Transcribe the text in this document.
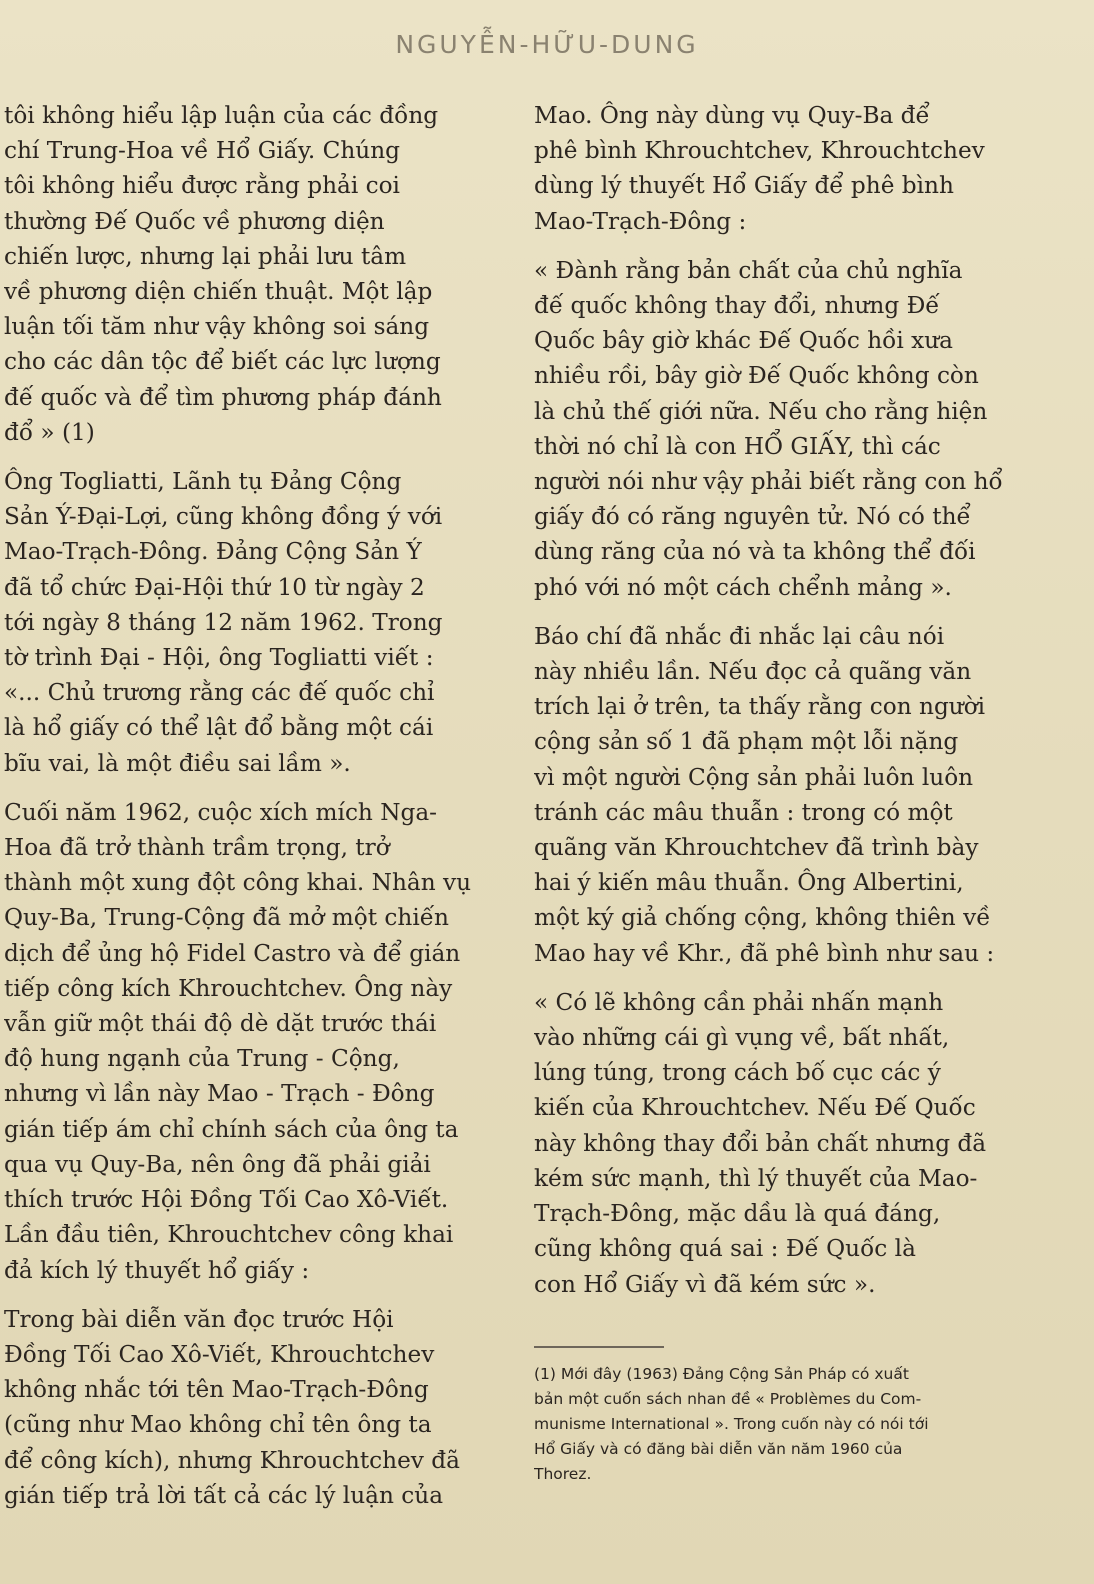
NGUYỄN-HỮU-DUNG
tôi không hiểu lập luận của các đồng
chí Trung-Hoa về Hổ Giấy. Chúng
tôi không hiểu được rằng phải coi
thường Đế Quốc về phương diện
chiến lược, nhưng lại phải lưu tâm
về phương diện chiến thuật. Một lập
luận tối tăm như vậy không soi sáng
cho các dân tộc để biết các lực lượng
đế quốc và để tìm phương pháp đánh
đổ » (1)
Ông Togliatti, Lãnh tụ Đảng Cộng
Sản Ý-Đại-Lợi, cũng không đồng ý với
Mao-Trạch-Đông. Đảng Cộng Sản Ý
đã tổ chức Đại-Hội thứ 10 từ ngày 2
tới ngày 8 tháng 12 năm 1962. Trong
tờ trình Đại - Hội, ông Togliatti viết :
«... Chủ trương rằng các đế quốc chỉ
là hổ giấy có thể lật đổ bằng một cái
bĩu vai, là một điều sai lầm ».
Cuối năm 1962, cuộc xích mích Nga-
Hoa đã trở thành trầm trọng, trở
thành một xung đột công khai. Nhân vụ
Quy-Ba, Trung-Cộng đã mở một chiến
dịch để ủng hộ Fidel Castro và để gián
tiếp công kích Khrouchtchev. Ông này
vẫn giữ một thái độ dè dặt trước thái
độ hung ngạnh của Trung - Cộng,
nhưng vì lần này Mao - Trạch - Đông
gián tiếp ám chỉ chính sách của ông ta
qua vụ Quy-Ba, nên ông đã phải giải
thích trước Hội Đồng Tối Cao Xô-Viết.
Lần đầu tiên, Khrouchtchev công khai
đả kích lý thuyết hổ giấy :
Trong bài diễn văn đọc trước Hội
Đồng Tối Cao Xô-Viết, Khrouchtchev
không nhắc tới tên Mao-Trạch-Đông
(cũng như Mao không chỉ tên ông ta
để công kích), nhưng Khrouchtchev đã
gián tiếp trả lời tất cả các lý luận của
Mao. Ông này dùng vụ Quy-Ba để
phê bình Khrouchtchev, Khrouchtchev
dùng lý thuyết Hổ Giấy để phê bình
Mao-Trạch-Đông :
« Đành rằng bản chất của chủ nghĩa
đế quốc không thay đổi, nhưng Đế
Quốc bây giờ khác Đế Quốc hồi xưa
nhiều rồi, bây giờ Đế Quốc không còn
là chủ thế giới nữa. Nếu cho rằng hiện
thời nó chỉ là con HỔ GIẤY, thì các
người nói như vậy phải biết rằng con hổ
giấy đó có răng nguyên tử. Nó có thể
dùng răng của nó và ta không thể đối
phó với nó một cách chểnh mảng ».
Báo chí đã nhắc đi nhắc lại câu nói
này nhiều lần. Nếu đọc cả quãng văn
trích lại ở trên, ta thấy rằng con người
cộng sản số 1 đã phạm một lỗi nặng
vì một người Cộng sản phải luôn luôn
tránh các mâu thuẫn : trong có một
quãng văn Khrouchtchev đã trình bày
hai ý kiến mâu thuẫn. Ông Albertini,
một ký giả chống cộng, không thiên về
Mao hay về Khr., đã phê bình như sau :
« Có lẽ không cần phải nhấn mạnh
vào những cái gì vụng về, bất nhất,
lúng túng, trong cách bố cục các ý
kiến của Khrouchtchev. Nếu Đế Quốc
này không thay đổi bản chất nhưng đã
kém sức mạnh, thì lý thuyết của Mao-
Trạch-Đông, mặc dầu là quá đáng,
cũng không quá sai : Đế Quốc là
con Hổ Giấy vì đã kém sức ».
(1) Mới đây (1963) Đảng Cộng Sản Pháp có xuất
bản một cuốn sách nhan đề « Problèmes du Com-
munisme International ». Trong cuốn này có nói tới
Hổ Giấy và có đăng bài diễn văn năm 1960 của
Thorez.
